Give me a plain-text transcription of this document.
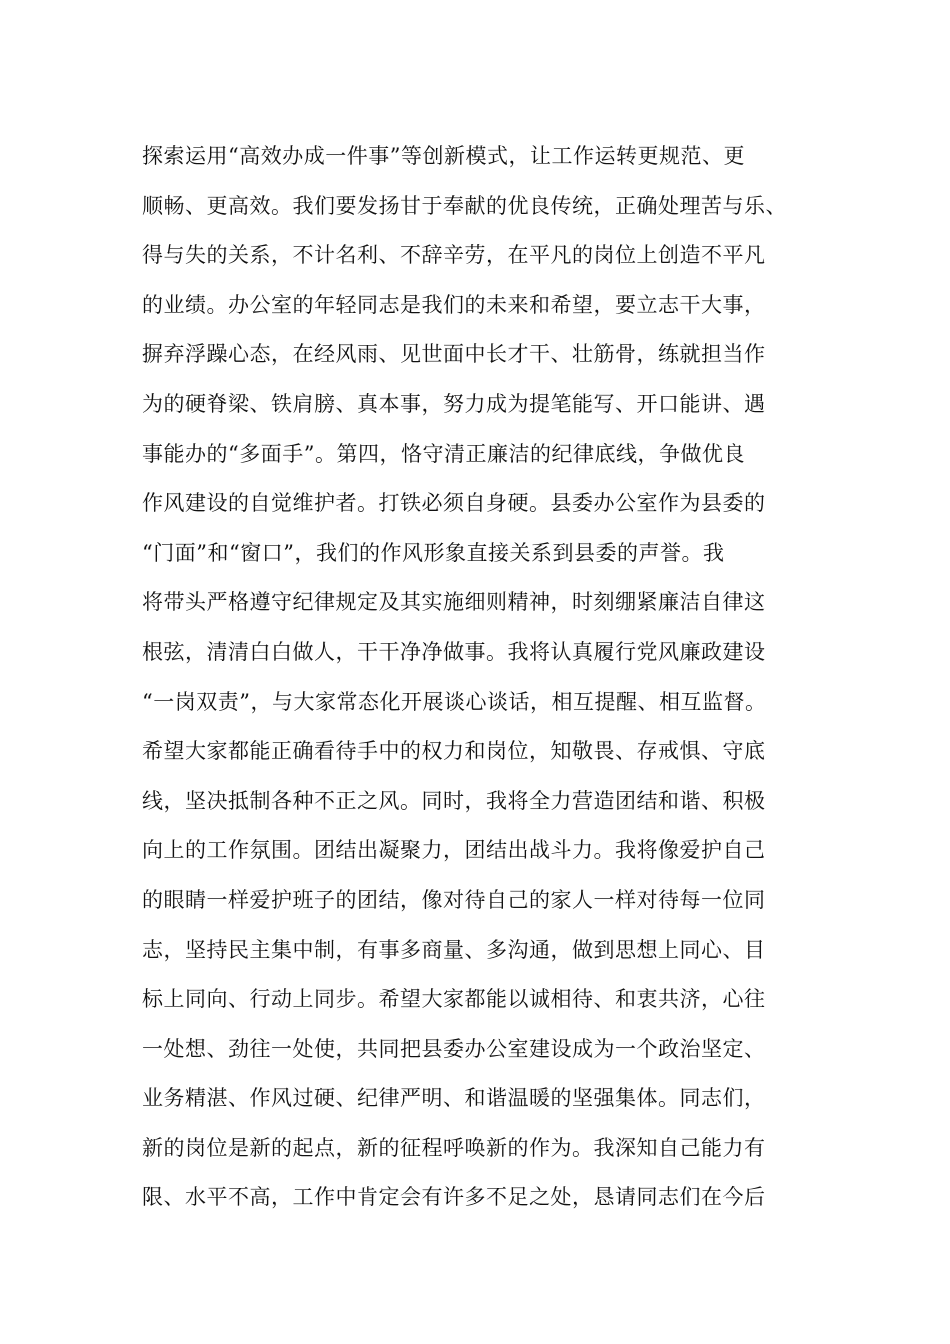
探索运用“高效办成一件事”等创新模式，让工作运转更规范、更
顺畅、更高效。我们要发扬甘于奉献的优良传统，正确处理苦与乐、
得与失的关系，不计名利、不辞辛劳，在平凡的岗位上创造不平凡
的业绩。办公室的年轻同志是我们的未来和希望，要立志干大事，
摒弃浮躁心态，在经风雨、见世面中长才干、壮筋骨，练就担当作
为的硬脊梁、铁肩膀、真本事，努力成为提笔能写、开口能讲、遇
事能办的“多面手”。第四，恪守清正廉洁的纪律底线，争做优良
作风建设的自觉维护者。打铁必须自身硬。县委办公室作为县委的
“门面”和“窗口”，我们的作风形象直接关系到县委的声誉。我
将带头严格遵守纪律规定及其实施细则精神，时刻绷紧廉洁自律这
根弦，清清白白做人，干干净净做事。我将认真履行党风廉政建设
“一岗双责”，与大家常态化开展谈心谈话，相互提醒、相互监督。
希望大家都能正确看待手中的权力和岗位，知敬畏、存戒惧、守底
线，坚决抵制各种不正之风。同时，我将全力营造团结和谐、积极
向上的工作氛围。团结出凝聚力，团结出战斗力。我将像爱护自己
的眼睛一样爱护班子的团结，像对待自己的家人一样对待每一位同
志，坚持民主集中制，有事多商量、多沟通，做到思想上同心、目
标上同向、行动上同步。希望大家都能以诚相待、和衷共济，心往
一处想、劲往一处使，共同把县委办公室建设成为一个政治坚定、
业务精湛、作风过硬、纪律严明、和谐温暖的坚强集体。同志们，
新的岗位是新的起点，新的征程呼唤新的作为。我深知自己能力有
限、水平不高，工作中肯定会有许多不足之处，恳请同志们在今后
